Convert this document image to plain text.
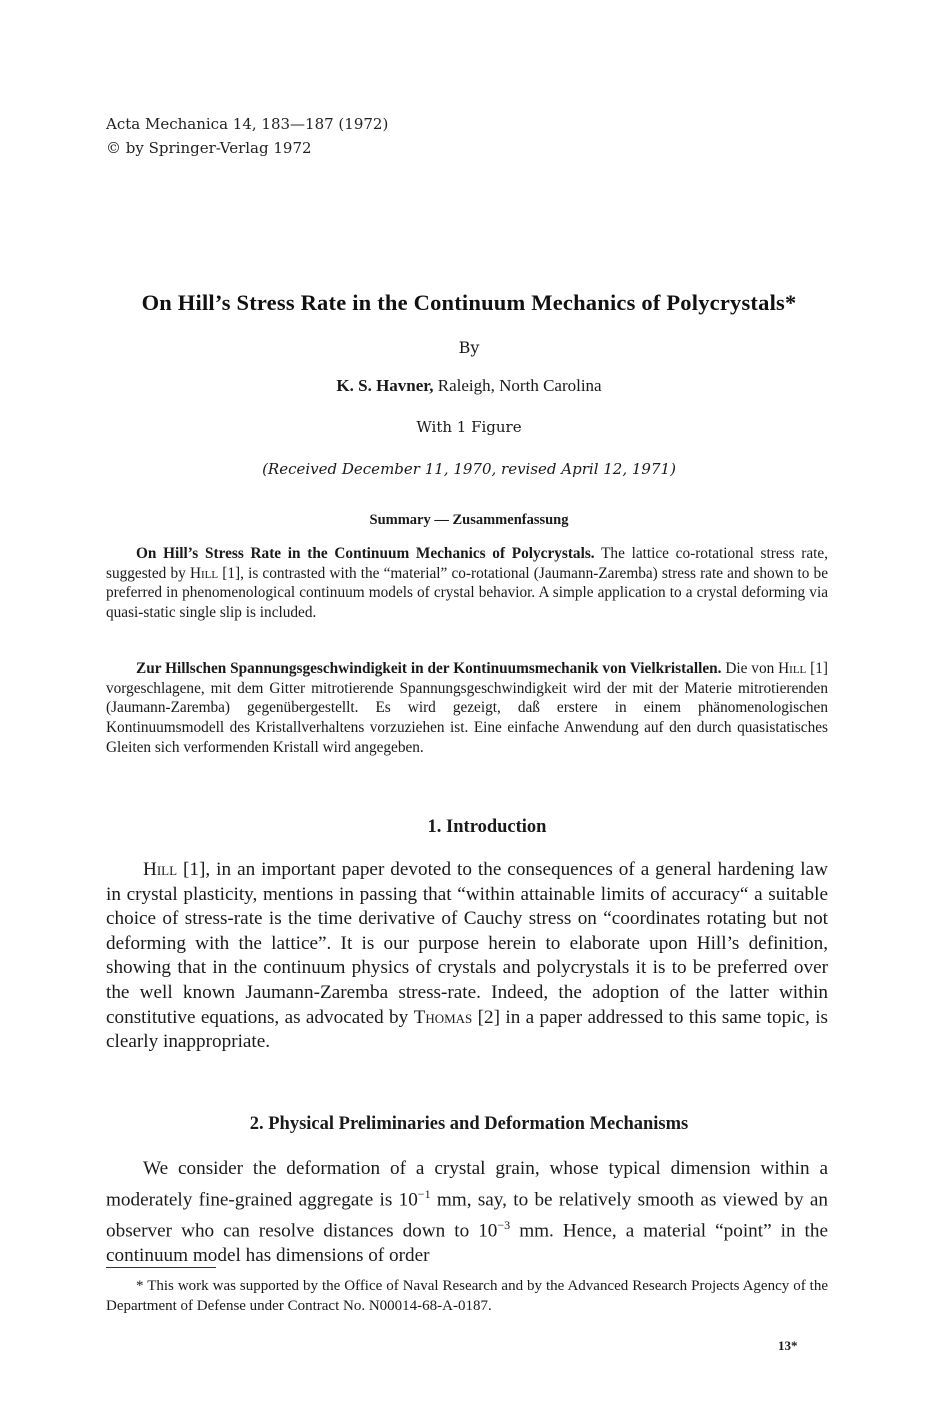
Acta Mechanica 14, 183—187 (1972)
© by Springer-Verlag 1972
On Hill’s Stress Rate in the Continuum Mechanics of Polycrystals*
By
K. S. Havner, Raleigh, North Carolina
With 1 Figure
(Received December 11, 1970, revised April 12, 1971)
Summary — Zusammenfassung

On Hill’s Stress Rate in the Continuum Mechanics of Polycrystals. The lattice co-rotational stress rate, suggested by Hill [1], is contrasted with the “material” co-rotational (Jaumann-Zaremba) stress rate and shown to be preferred in phenomenological continuum models of crystal behavior. A simple application to a crystal deforming via quasi-static single slip is included.

Zur Hillschen Spannungsgeschwindigkeit in der Kontinuumsmechanik von Vielkristallen. Die von Hill [1] vorgeschlagene, mit dem Gitter mitrotierende Spannungsgeschwindigkeit wird der mit der Materie mitrotierenden (Jaumann-Zaremba) gegenübergestellt. Es wird gezeigt, daß erstere in einem phänomenologischen Kontinuumsmodell des Kristallverhaltens vorzuziehen ist. Eine einfache Anwendung auf den durch quasistatisches Gleiten sich verformenden Kristall wird angegeben.

1. Introduction

Hill [1], in an important paper devoted to the consequences of a general hardening law in crystal plasticity, mentions in passing that “within attainable limits of accuracy“ a suitable choice of stress-rate is the time derivative of Cauchy stress on “coordinates rotating but not deforming with the lattice”. It is our purpose herein to elaborate upon Hill’s definition, showing that in the continuum physics of crystals and polycrystals it is to be preferred over the well known Jaumann-Zaremba stress-rate. Indeed, the adoption of the latter within constitutive equations, as advocated by Thomas [2] in a paper addressed to this same topic, is clearly inappropriate.

2. Physical Preliminaries and Deformation Mechanisms

We consider the deformation of a crystal grain, whose typical dimension within a moderately fine-grained aggregate is $10^{-1}$ mm, say, to be relatively smooth as viewed by an observer who can resolve distances down to $10^{-3}$ mm. Hence, a material “point” in the continuum model has dimensions of order

* This work was supported by the Office of Naval Research and by the Advanced Research Projects Agency of the Department of Defense under Contract No. N00014-68-A-0187.

13*
